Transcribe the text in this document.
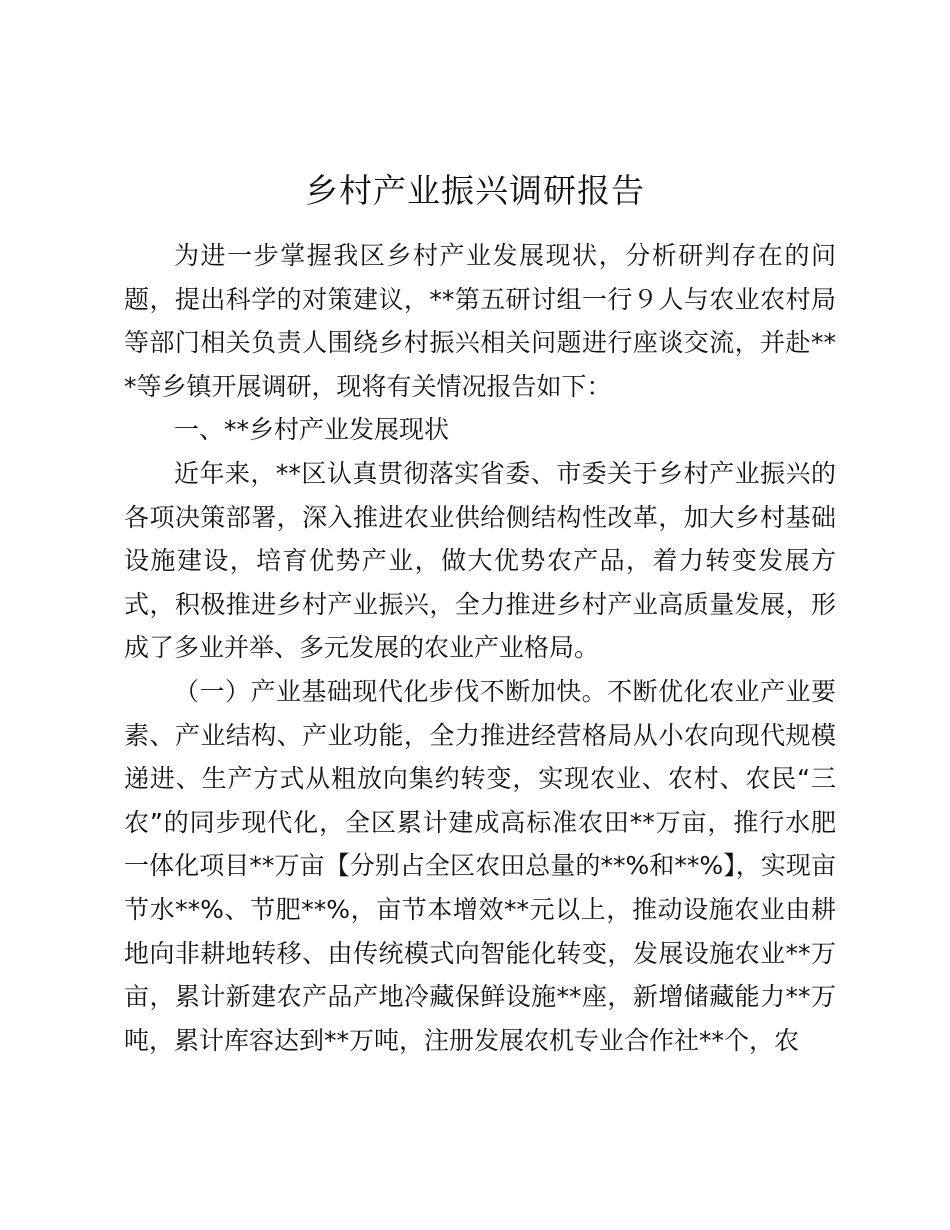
乡村产业振兴调研报告

为进一步掌握我区乡村产业发展现状，分析研判存在的问题，提出科学的对策建议，**第五研讨组一行９人与农业农村局等部门相关负责人围绕乡村振兴相关问题进行座谈交流，并赴***等乡镇开展调研，现将有关情况报告如下：

一、**乡村产业发展现状

近年来，**区认真贯彻落实省委、市委关于乡村产业振兴的各项决策部署，深入推进农业供给侧结构性改革，加大乡村基础设施建设，培育优势产业，做大优势农产品，着力转变发展方式，积极推进乡村产业振兴，全力推进乡村产业高质量发展，形成了多业并举、多元发展的农业产业格局。

（一）产业基础现代化步伐不断加快。不断优化农业产业要素、产业结构、产业功能，全力推进经营格局从小农向现代规模递进、生产方式从粗放向集约转变，实现农业、农村、农民“三农”的同步现代化，全区累计建成高标准农田**万亩，推行水肥一体化项目**万亩【分别占全区农田总量的**%和**%】，实现亩节水**%、节肥**%，亩节本增效**元以上，推动设施农业由耕地向非耕地转移、由传统模式向智能化转变，发展设施农业**万亩，累计新建农产品产地冷藏保鲜设施**座，新增储藏能力**万吨，累计库容达到**万吨，注册发展农机专业合作社**个，农
